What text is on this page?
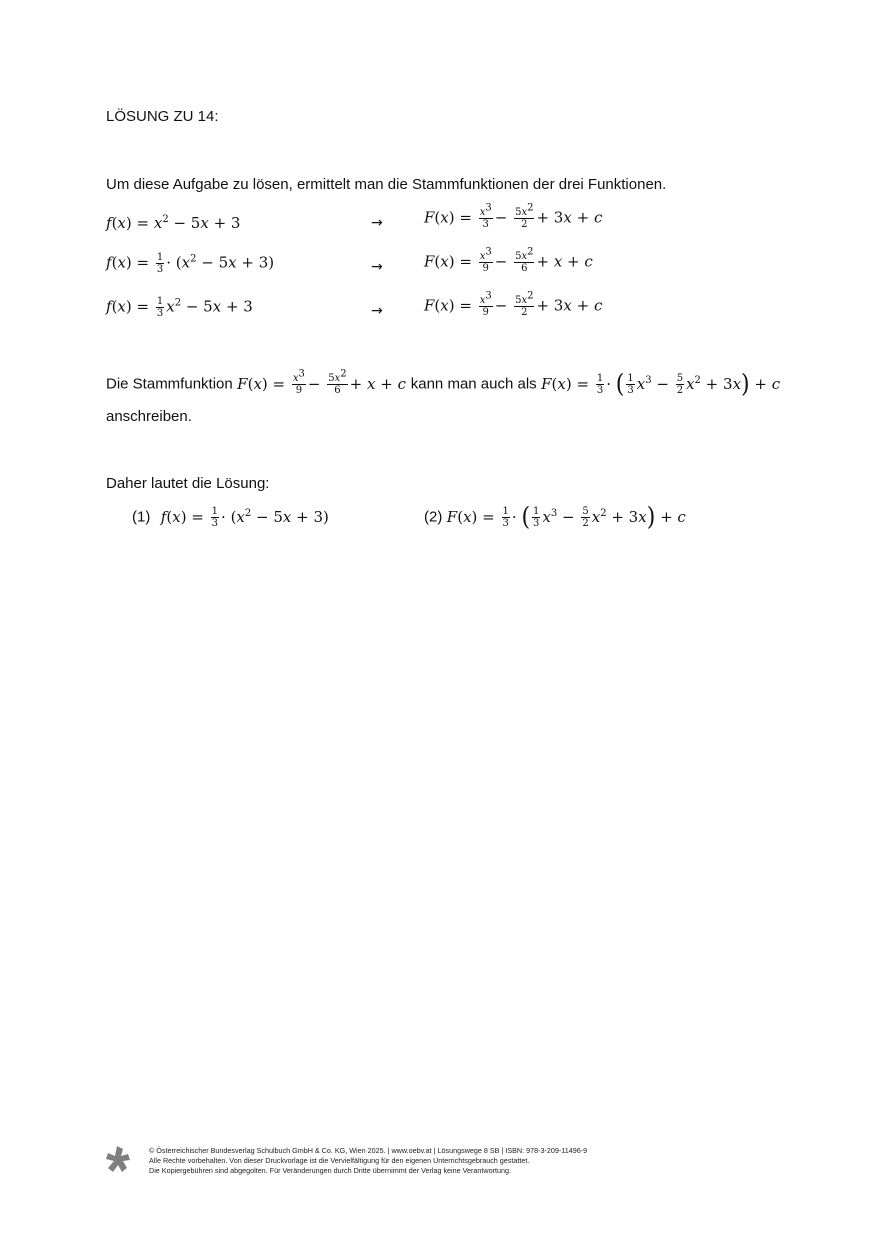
LÖSUNG ZU 14:
Um diese Aufgabe zu lösen, ermittelt man die Stammfunktionen der drei Funktionen.
$f(x) = x^2 - 5x + 3$	→	$F(x) = \frac{x^3}{3} - \frac{5x^2}{2} + 3x + c$
$f(x) = \frac{1}{3} \cdot (x^2 - 5x + 3)$	→	$F(x) = \frac{x^3}{9} - \frac{5x^2}{6} + x + c$
$f(x) = \frac{1}{3} x^2 - 5x + 3$	→	$F(x) = \frac{x^3}{9} - \frac{5x^2}{2} + 3x + c$
Die Stammfunktion $F(x) = \frac{x^3}{9} - \frac{5x^2}{6} + x + c$ kann man auch als $F(x) = \frac{1}{3}$ · ( $\frac{1}{3} x^3 - \frac{5}{2} x^2 + 3x) + c$
anschreiben.
Daher lautet die Lösung:
(1) $f(x) = \frac{1}{3} \cdot (x^2 - 5x + 3)$	(2) $F(x) = \frac{1}{3}$ · ( $\frac{1}{3} x^3 - \frac{5}{2} x^2 + 3x) + c$
© Österreichischer Bundesverlag Schulbuch GmbH & Co. KG, Wien 2025. | www.oebv.at | Lösungswege 8 SB | ISBN: 978-3-209-11496-9
Alle Rechte vorbehalten. Von dieser Druckvorlage ist die Vervielfältigung für den eigenen Unterrichtsgebrauch gestattet.
Die Kopiergebühren sind abgegolten. Für Veränderungen durch Dritte übernimmt der Verlag keine Verantwortung.
